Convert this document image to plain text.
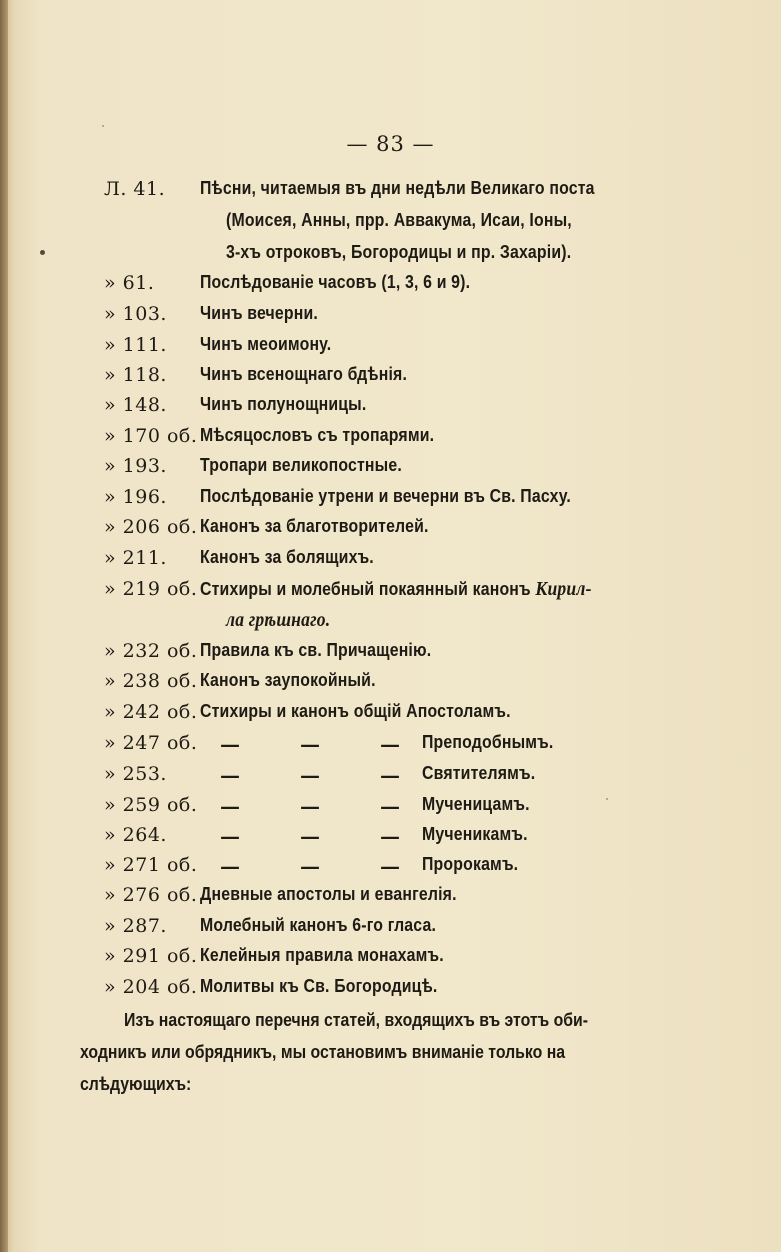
— 83 —
Л. 41.	Пѣсни, читаемыя въ дни недѣли Великаго поста
(Моисея, Анны, прр. Аввакума, Исаи, Іоны,
3-хъ отроковъ, Богородицы и пр. Захаріи).
» 61.	Послѣдованіе часовъ (1, 3, 6 и 9).
» 103.	Чинъ вечерни.
» 111.	Чинъ меоимону.
» 118.	Чинъ всенощнаго бдѣнія.
» 148.	Чинъ полунощницы.
» 170 об. Мѣсяцословъ съ тропарями.
» 193.	Тропари великопостные.
» 196.	Послѣдованіе утрени и вечерни въ Св. Пасху.
» 206 об. Канонъ за благотворителей.
» 211.	Канонъ за болящихъ.
» 219 об. Стихиры и молебный покаянный канонъ Кирил-
ла грѣшнаго.
» 232 об. Правила къ св. Причащенію.
» 238 об. Канонъ заупокойный.
» 242 об. Стихиры и канонъ общій Апостоламъ.
» 247 об. —	—	— Преподобнымъ.
» 253.	—	—	— Святителямъ.
» 259 об. —	—	— Мученицамъ.
» 264.	—	—	— Мученикамъ.
» 271 об. —	—	— Пророкамъ.
» 276 об. Дневные апостолы и евангелія.
» 287.	Молебный канонъ 6-го гласа.
» 291 об. Келейныя правила монахамъ.
» 204 об. Молитвы къ Св. Богородицѣ.
Изъ настоящаго перечня статей, входящихъ въ этотъ оби-
ходникъ или обрядникъ, мы остановимъ вниманіе только на
слѣдующихъ:
